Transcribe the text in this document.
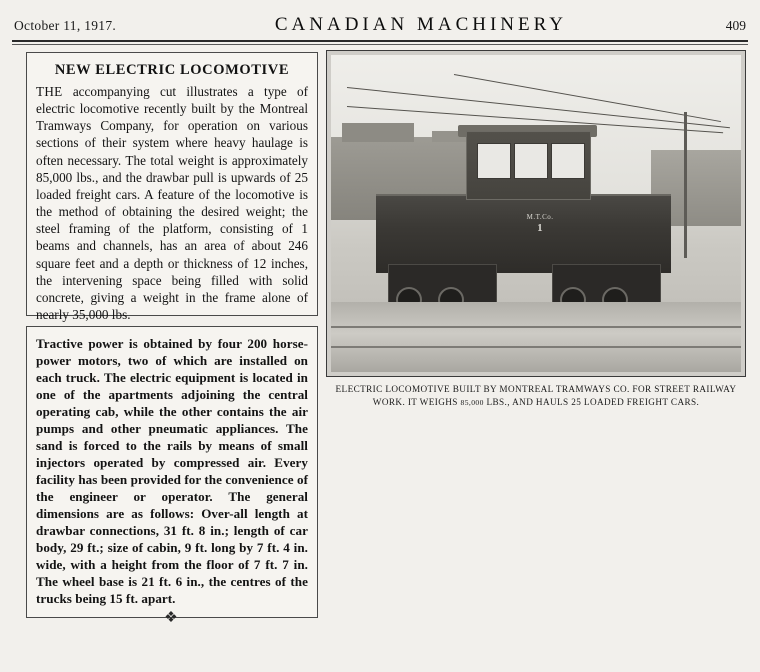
October 11, 1917.	CANADIAN MACHINERY	409
NEW ELECTRIC LOCOMOTIVE
THE accompanying cut illustrates a type of electric locomotive recently built by the Montreal Tramways Company, for operation on various sections of their system where heavy haulage is often necessary. The total weight is approximately 85,000 lbs., and the drawbar pull is upwards of 25 loaded freight cars. A feature of the locomotive is the method of obtaining the desired weight; the steel framing of the platform, consisting of 1 beams and channels, has an area of about 246 square feet and a depth or thickness of 12 inches, the intervening space being filled with solid concrete, giving a weight in the frame alone of nearly 35,000 lbs.
Tractive power is obtained by four 200 horse-power motors, two of which are installed on each truck. The electric equipment is located in one of the apartments adjoining the central operating cab, while the other contains the air pumps and other pneumatic appliances. The sand is forced to the rails by means of small injectors operated by compressed air. Every facility has been provided for the convenience of the engineer or operator. The general dimensions are as follows: Over-all length at drawbar connections, 31 ft. 8 in.; length of car body, 29 ft.; size of cabin, 9 ft. long by 7 ft. 4 in. wide, with a height from the floor of 7 ft. 7 in. The wheel base is 21 ft. 6 in., the centres of the trucks being 15 ft. apart.
❖
M.T.Co.
1
ELECTRIC LOCOMOTIVE BUILT BY MONTREAL TRAMWAYS CO. FOR STREET RAILWAY
WORK. IT WEIGHS 85,000 LBS., AND HAULS 25 LOADED FREIGHT CARS.
